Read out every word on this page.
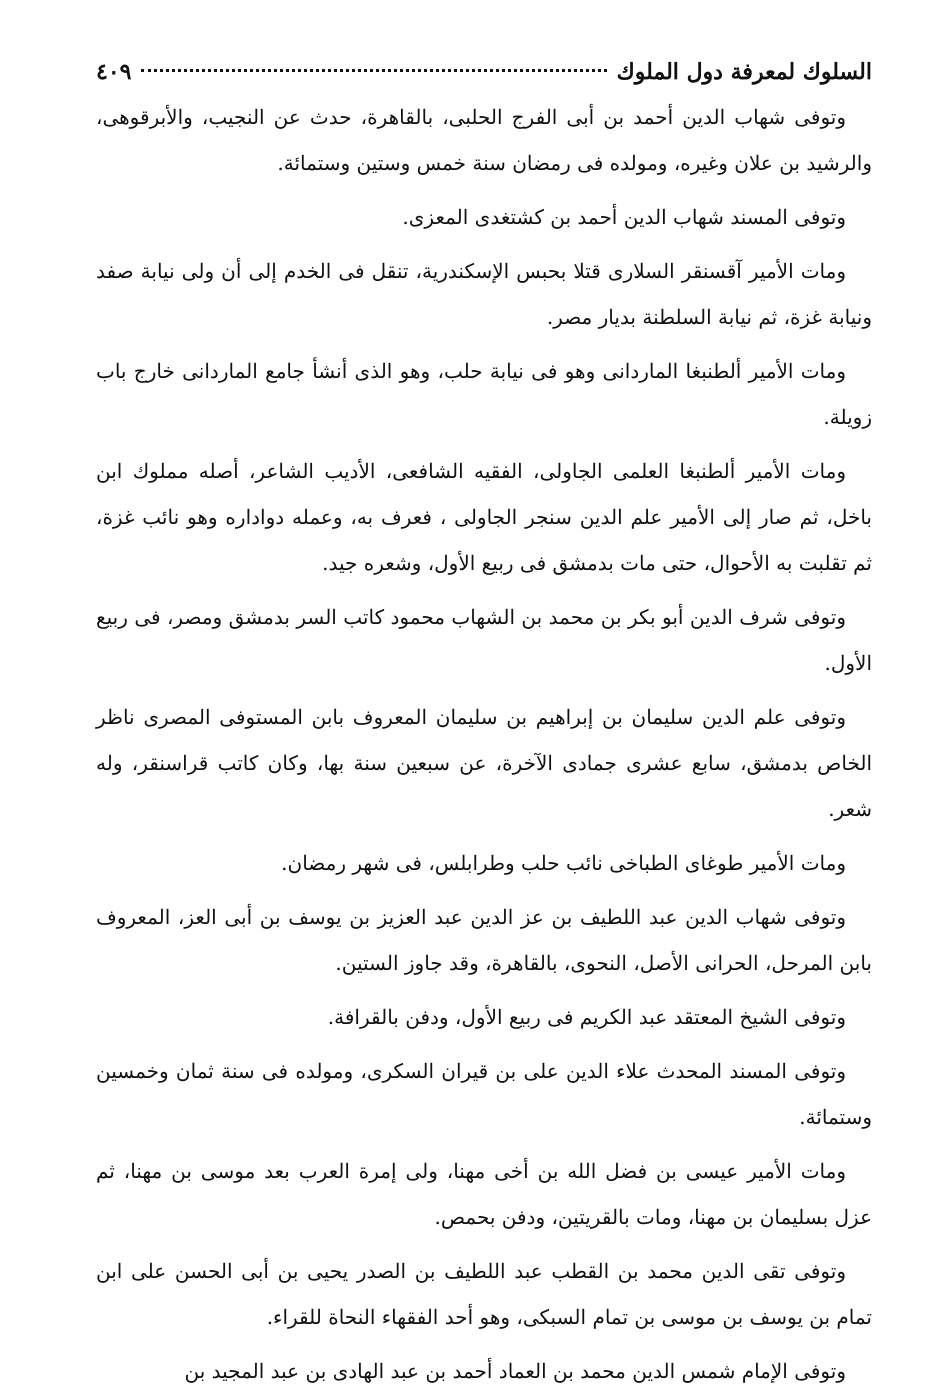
السلوك لمعرفة دول الملوك
٤٠٩

وتوفى شهاب الدين أحمد بن أبى الفرج الحلبى، بالقاهرة، حدث عن النجيب، والأبرقوهى، والرشيد بن علان وغيره، ومولده فى رمضان سنة خمس وستين وستمائة.

وتوفى المسند شهاب الدين أحمد بن كشتغدى المعزى.

ومات الأمير آقسنقر السلارى قتلا بحبس الإسكندرية، تنقل فى الخدم إلى أن ولى نيابة صفد ونيابة غزة، ثم نيابة السلطنة بديار مصر.

ومات الأمير ألطنبغا الماردانى وهو فى نيابة حلب، وهو الذى أنشأ جامع الماردانى خارج باب زويلة.

ومات الأمير ألطنبغا العلمى الجاولى، الفقيه الشافعى، الأديب الشاعر، أصله مملوك ابن باخل، ثم صار إلى الأمير علم الدين سنجر الجاولى ، فعرف به، وعمله دواداره وهو نائب غزة، ثم تقلبت به الأحوال، حتى مات بدمشق فى ربيع الأول، وشعره جيد.

وتوفى شرف الدين أبو بكر بن محمد بن الشهاب محمود كاتب السر بدمشق ومصر، فى ربيع الأول.

وتوفى علم الدين سليمان بن إبراهيم بن سليمان المعروف بابن المستوفى المصرى ناظر الخاص بدمشق، سابع عشرى جمادى الآخرة، عن سبعين سنة بها، وكان كاتب قراسنقر، وله شعر.

ومات الأمير طوغاى الطباخى نائب حلب وطرابلس، فى شهر رمضان.

وتوفى شهاب الدين عبد اللطيف بن عز الدين عبد العزيز بن يوسف بن أبى العز، المعروف بابن المرحل، الحرانى الأصل، النحوى، بالقاهرة، وقد جاوز الستين.

وتوفى الشيخ المعتقد عبد الكريم فى ربيع الأول، ودفن بالقرافة.

وتوفى المسند المحدث علاء الدين على بن قيران السكرى، ومولده فى سنة ثمان وخمسين وستمائة.

ومات الأمير عيسى بن فضل الله بن أخى مهنا، ولى إمرة العرب بعد موسى بن مهنا، ثم عزل بسليمان بن مهنا، ومات بالقريتين، ودفن بحمص.

وتوفى تقى الدين محمد بن القطب عبد اللطيف بن الصدر يحيى بن أبى الحسن على ابن تمام بن يوسف بن موسى بن تمام السبكى، وهو أحد الفقهاء النحاة للقراء.

وتوفى الإمام شمس الدين محمد بن العماد أحمد بن عبد الهادى بن عبد المجيد بن
